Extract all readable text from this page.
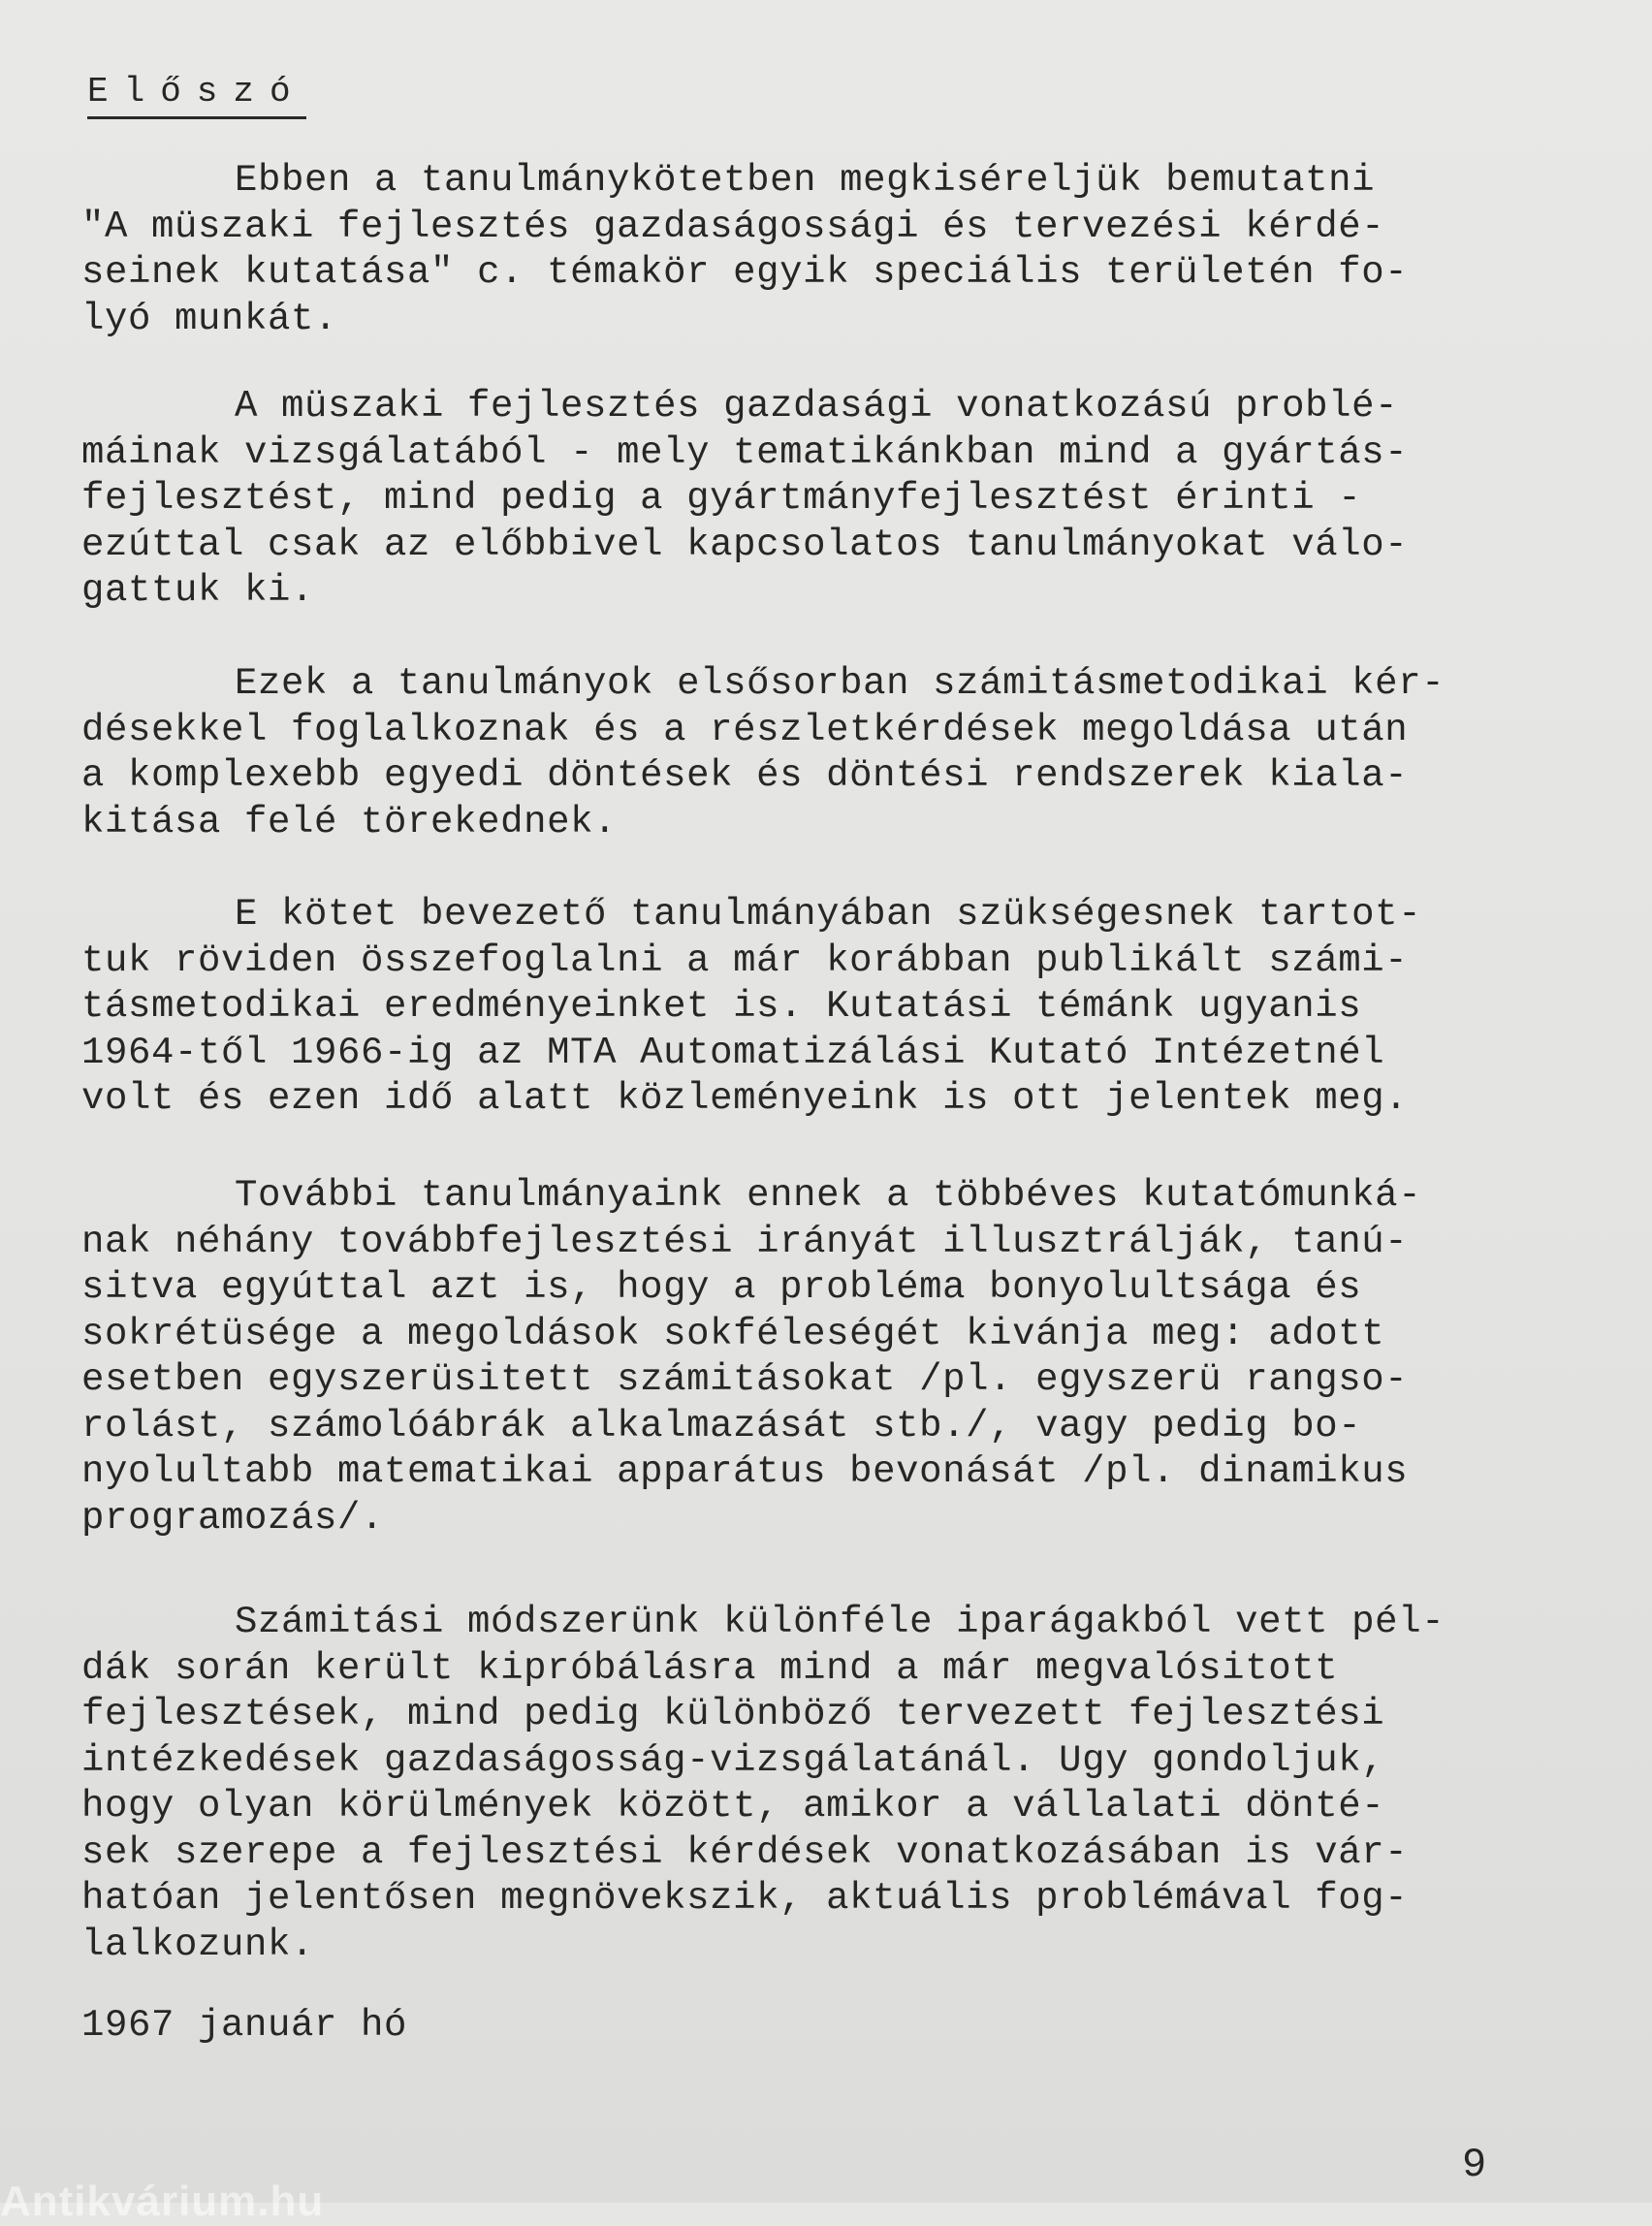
Előszó

Ebben a tanulmánykötetben megkiséreljük bemutatni
"A müszaki fejlesztés gazdaságossági és tervezési kérdé-
seinek kutatása" c. témakör egyik speciális területén fo-
lyó munkát.

A müszaki fejlesztés gazdasági vonatkozású problé-
máinak vizsgálatából - mely tematikánkban mind a gyártás-
fejlesztést, mind pedig a gyártmányfejlesztést érinti -
ezúttal csak az előbbivel kapcsolatos tanulmányokat válo-
gattuk ki.

Ezek a tanulmányok elsősorban számitásmetodikai kér-
désekkel foglalkoznak és a részletkérdések megoldása után
a komplexebb egyedi döntések és döntési rendszerek kiala-
kitása felé törekednek.

E kötet bevezető tanulmányában szükségesnek tartot-
tuk röviden összefoglalni a már korábban publikált számi-
tásmetodikai eredményeinket is. Kutatási témánk ugyanis
1964-től 1966-ig az MTA Automatizálási Kutató Intézetnél
volt és ezen idő alatt közleményeink is ott jelentek meg.

További tanulmányaink ennek a többéves kutatómunká-
nak néhány továbbfejlesztési irányát illusztrálják, tanú-
sitva egyúttal azt is, hogy a probléma bonyolultsága és
sokrétüsége a megoldások sokféleségét kivánja meg: adott
esetben egyszerüsitett számitásokat /pl. egyszerü rangso-
rolást, számolóábrák alkalmazását stb./, vagy pedig bo-
nyolultabb matematikai apparátus bevonását /pl. dinamikus
programozás/.

Számitási módszerünk különféle iparágakból vett pél-
dák során került kipróbálásra mind a már megvalósitott
fejlesztések, mind pedig különböző tervezett fejlesztési
intézkedések gazdaságosság-vizsgálatánál. Ugy gondoljuk,
hogy olyan körülmények között, amikor a vállalati dönté-
sek szerepe a fejlesztési kérdések vonatkozásában is vár-
hatóan jelentősen megnövekszik, aktuális problémával fog-
lalkozunk.

1967 január hó
9
Antikvárium.hu
